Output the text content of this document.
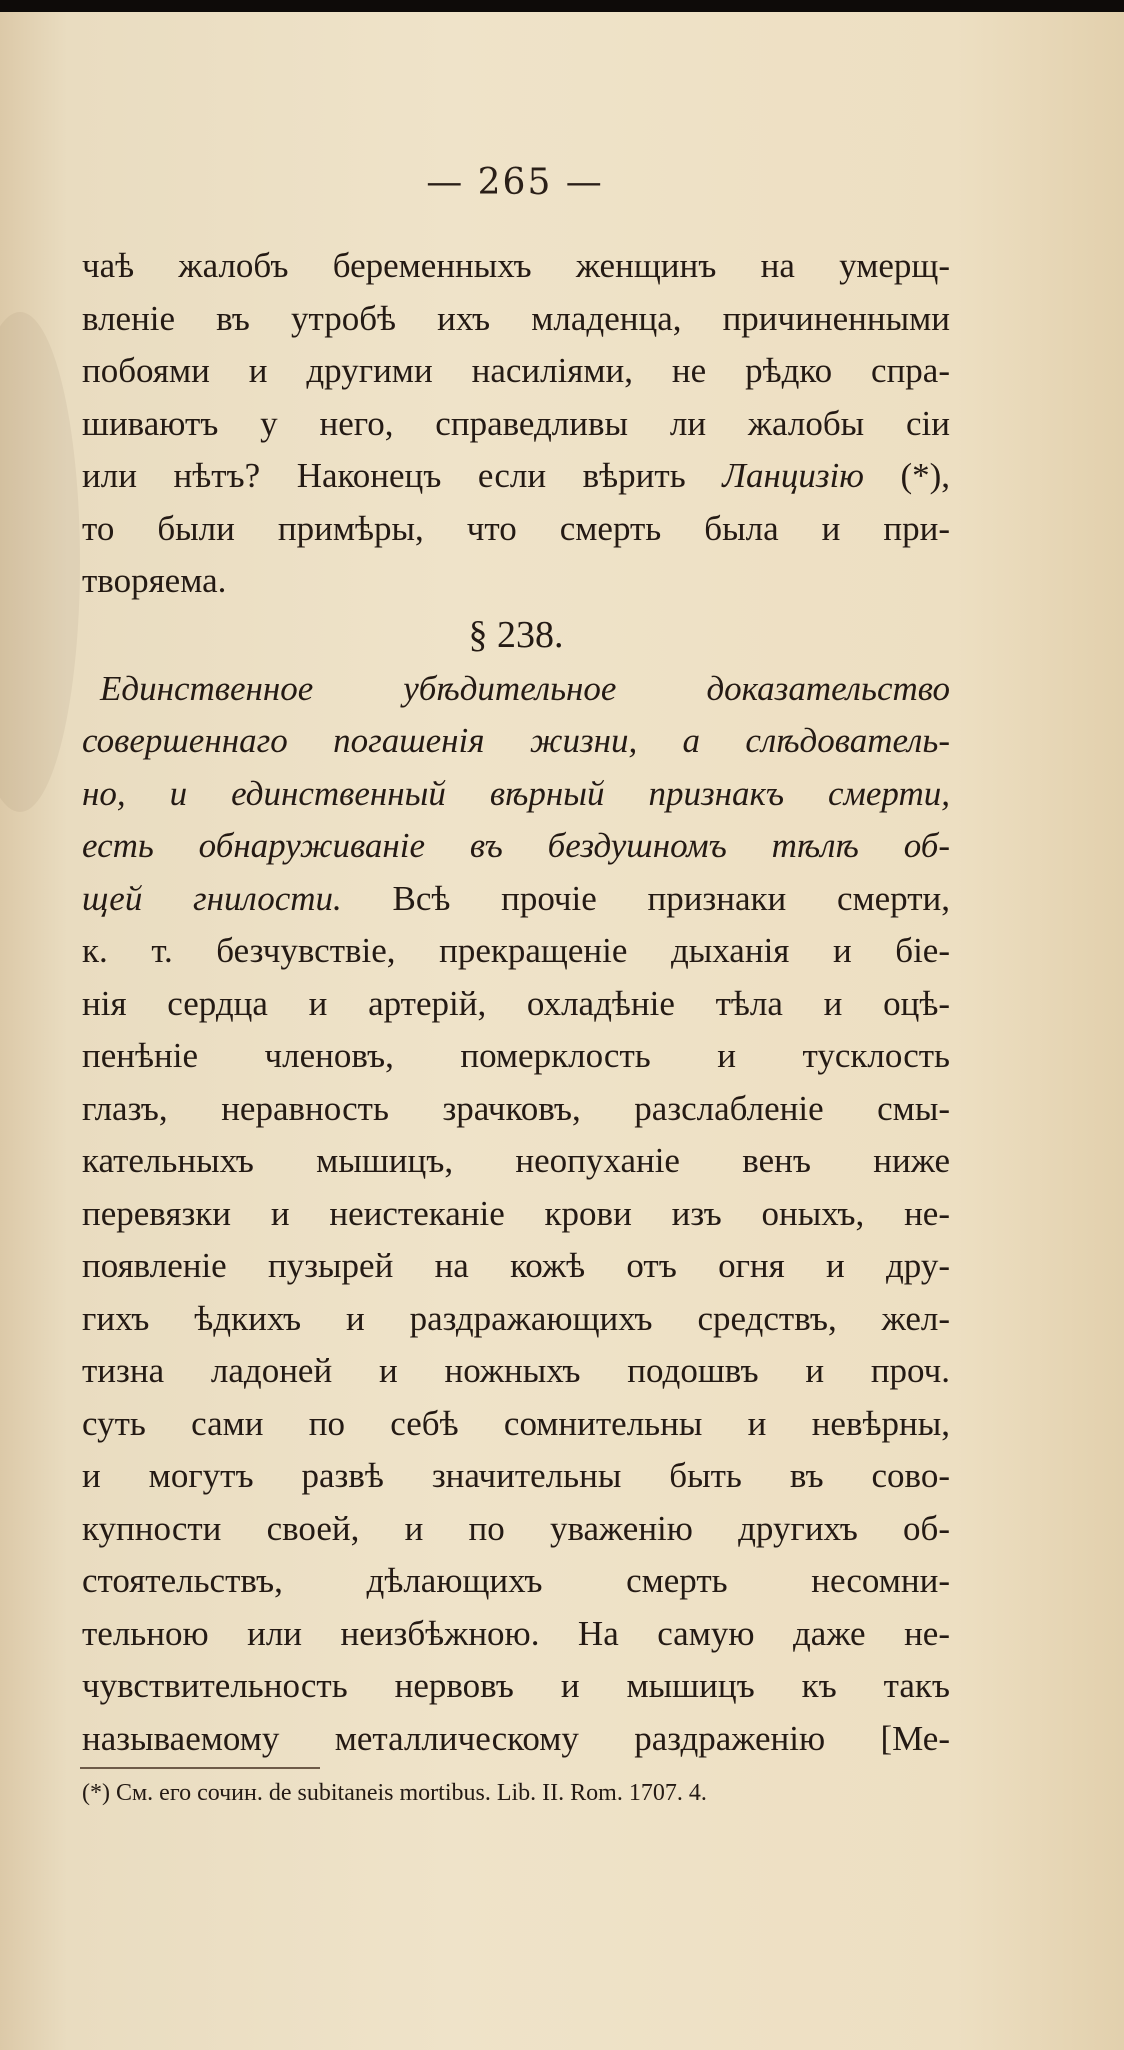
— 265 —
чаѣ жалобъ беременныхъ женщинъ на умерщ-
вленіе въ утробѣ ихъ младенца, причиненными
побоями и другими насиліями, не рѣдко спра-
шиваютъ у него, справедливы ли жалобы сіи
или нѣтъ? Наконецъ если вѣрить Ланцизію (*),
то были примѣры, что смерть была и при-
творяема.
§ 238.
Единственное убѣдительное доказательство
совершеннаго погашенія жизни, а слѣдователь-
но, и единственный вѣрный признакъ смерти,
есть обнаруживаніе въ бездушномъ тѣлѣ об-
щей гнилости. Всѣ прочіе признаки смерти,
к. т. безчувствіе, прекращеніе дыханія и біе-
нія сердца и артерій, охладѣніе тѣла и оцѣ-
пенѣніе членовъ, померклость и тусклость
глазъ, неравность зрачковъ, разслабленіе смы-
кательныхъ мышицъ, неопуханіе венъ ниже
перевязки и неистеканіе крови изъ оныхъ, не-
появленіе пузырей на кожѣ отъ огня и дру-
гихъ ѣдкихъ и раздражающихъ средствъ, жел-
тизна ладоней и ножныхъ подошвъ и проч.
суть сами по себѣ сомнительны и невѣрны,
и могутъ развѣ значительны быть въ сово-
купности своей, и по уваженію другихъ об-
стоятельствъ, дѣлающихъ смерть несомни-
тельною или неизбѣжною. На самую даже не-
чувствительность нервовъ и мышицъ къ такъ
называемому металлическому раздраженію [Ме-
(*) См. его сочин. de subitaneis mortibus. Lib. II. Rom. 1707. 4.
